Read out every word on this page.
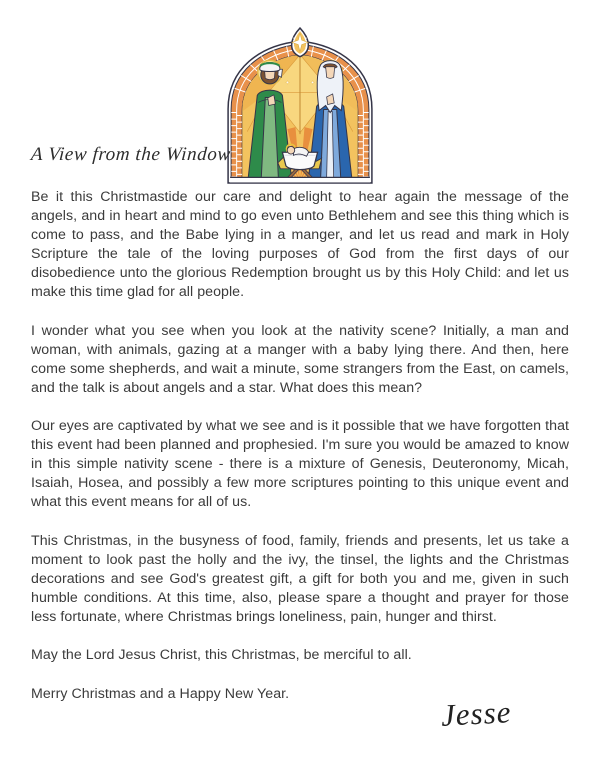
A View from the Window

Be it this Christmastide our care and delight to hear again the message of the angels, and in heart and mind to go even unto Bethlehem and see this thing which is come to pass, and the Babe lying in a manger, and let us read and mark in Holy Scripture the tale of the loving purposes of God from the first days of our disobedience unto the glorious Redemption brought us by this Holy Child: and let us make this time glad for all people.

I wonder what you see when you look at the nativity scene? Initially, a man and woman, with animals, gazing at a manger with a baby lying there. And then, here come some shepherds, and wait a minute, some strangers from the East, on camels, and the talk is about angels and a star. What does this mean?

Our eyes are captivated by what we see and is it possible that we have forgotten that this event had been planned and prophesied. I'm sure you would be amazed to know in this simple nativity scene - there is a mixture of Genesis, Deuteronomy, Micah, Isaiah, Hosea, and possibly a few more scriptures pointing to this unique event and what this event means for all of us.

This Christmas, in the busyness of food, family, friends and presents, let us take a moment to look past the holly and the ivy, the tinsel, the lights and the Christmas decorations and see God's greatest gift, a gift for both you and me, given in such humble conditions. At this time, also, please spare a thought and prayer for those less fortunate, where Christmas brings loneliness, pain, hunger and thirst.

May the Lord Jesus Christ, this Christmas, be merciful to all.

Merry Christmas and a Happy New Year.

Jesse
